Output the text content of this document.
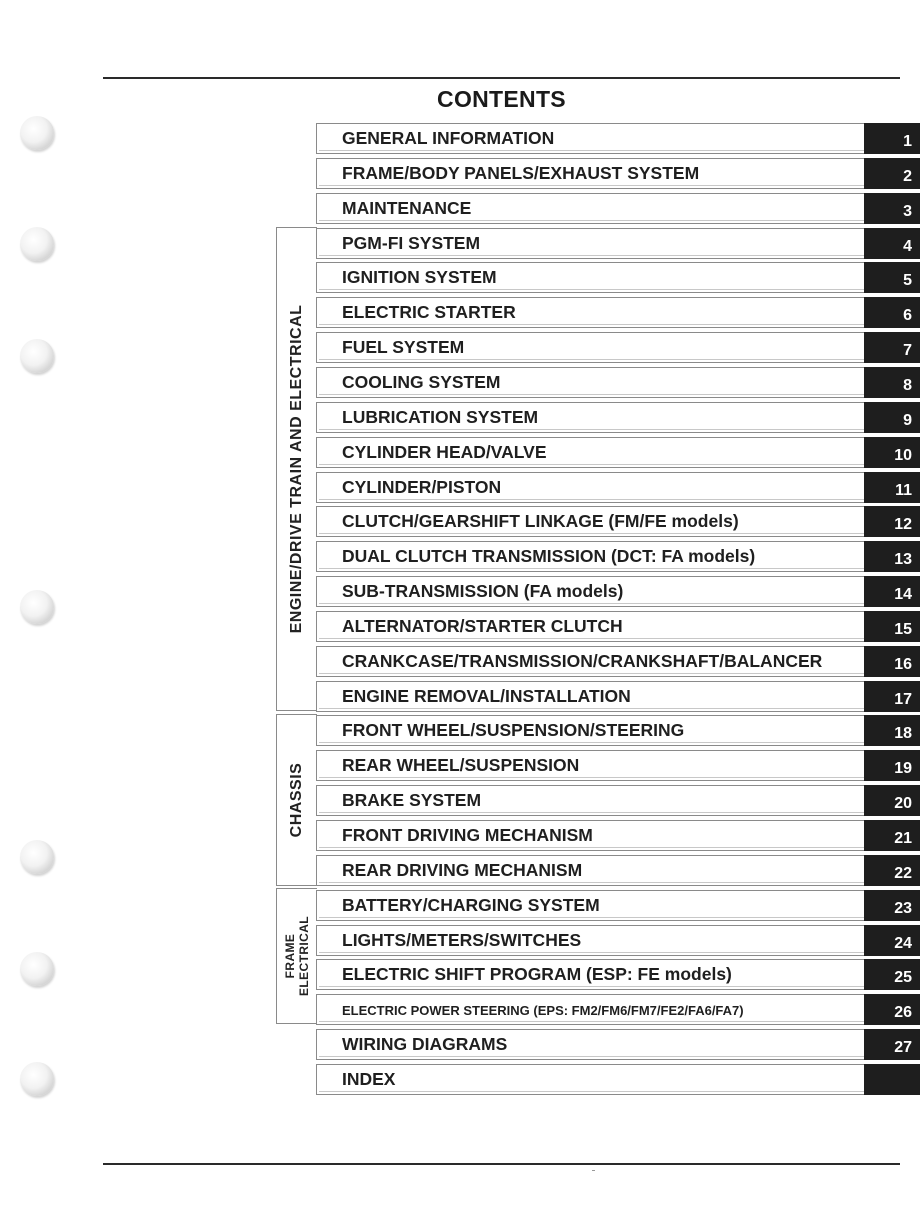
CONTENTS
ENGINE/DRIVE TRAIN AND ELECTRICAL
CHASSIS
FRAME ELECTRICAL
GENERAL INFORMATION	1
FRAME/BODY PANELS/EXHAUST SYSTEM	2
MAINTENANCE	3
PGM-FI SYSTEM	4
IGNITION SYSTEM	5
ELECTRIC STARTER	6
FUEL SYSTEM	7
COOLING SYSTEM	8
LUBRICATION SYSTEM	9
CYLINDER HEAD/VALVE	10
CYLINDER/PISTON	11
CLUTCH/GEARSHIFT LINKAGE (FM/FE models)	12
DUAL CLUTCH TRANSMISSION (DCT: FA models)	13
SUB-TRANSMISSION (FA models)	14
ALTERNATOR/STARTER CLUTCH	15
CRANKCASE/TRANSMISSION/CRANKSHAFT/BALANCER	16
ENGINE REMOVAL/INSTALLATION	17
FRONT WHEEL/SUSPENSION/STEERING	18
REAR WHEEL/SUSPENSION	19
BRAKE SYSTEM	20
FRONT DRIVING MECHANISM	21
REAR DRIVING MECHANISM	22
BATTERY/CHARGING SYSTEM	23
LIGHTS/METERS/SWITCHES	24
ELECTRIC SHIFT PROGRAM (ESP: FE models)	25
ELECTRIC POWER STEERING (EPS: FM2/FM6/FM7/FE2/FA6/FA7)	26
WIRING DIAGRAMS	27
INDEX
